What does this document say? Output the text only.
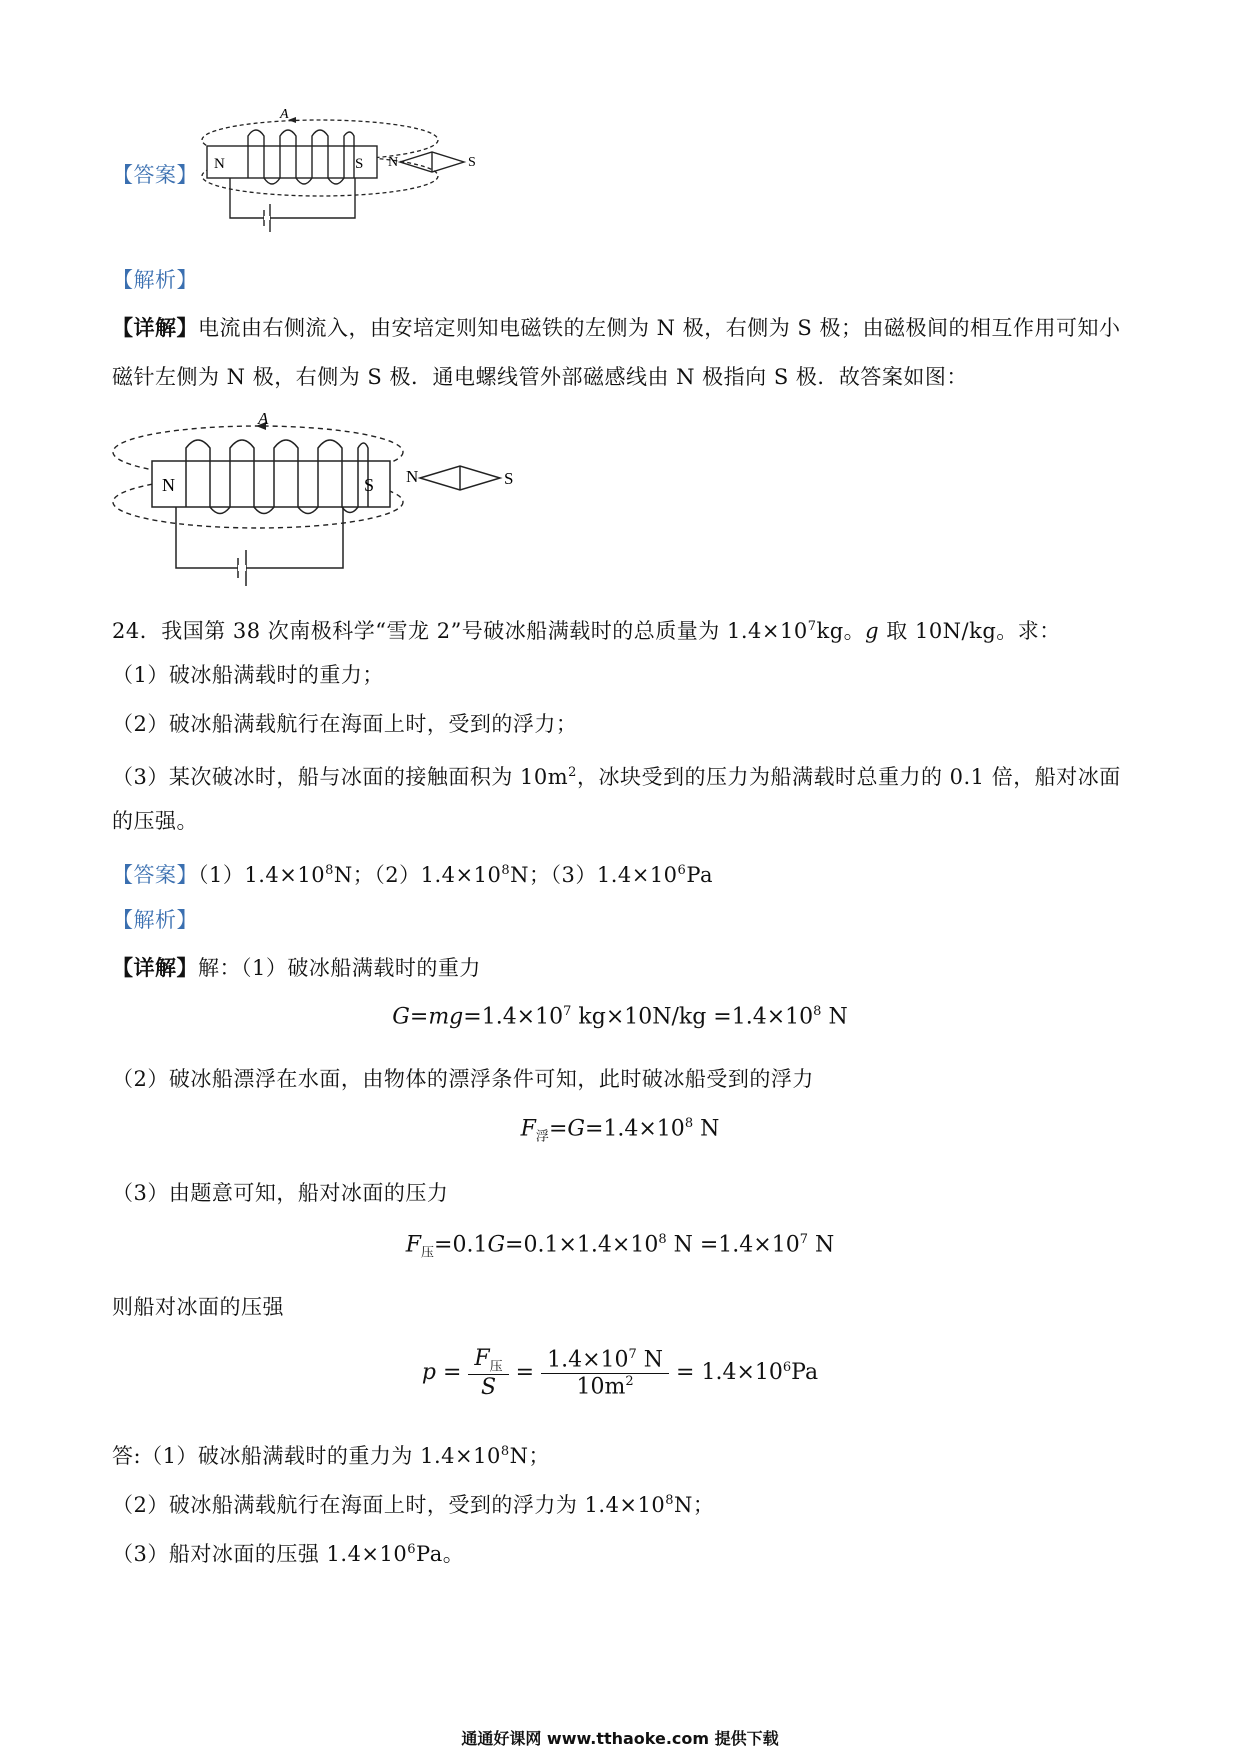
【答案】
A
N	S N	S
【解析】
【详解】电流由右侧流入，由安培定则知电磁铁的左侧为 N 极，右侧为 S 极；由磁极间的相互作用可知小
磁针左侧为 N 极，右侧为 S 极．通电螺线管外部磁感线由 N 极指向 S 极．故答案如图：
A
N	S N	S
24．我国第 38 次南极科学“雪龙 2”号破冰船满载时的总质量为 $1.4\times 10^7kg$。g 取 10N/kg。求：
（1）破冰船满载时的重力；
（2）破冰船满载航行在海面上时，受到的浮力；
（3）某次破冰时，船与冰面的接触面积为 $10m^2$，冰块受到的压力为船满载时总重力的 0.1 倍，船对冰面
的压强。
【答案】$(1)1.4\times 10^8N$；$(2)1.4\times 10^8N$；$(3)1.4\times 10^6Pa$
【解析】
【详解】解：（1）破冰船满载时的重力
$G=mg=1.4\times 10^7$ $kg\times 10N/kg =1.4\times 10^8$ N
（2）破冰船漂浮在水面，由物体的漂浮条件可知，此时破冰船受到的浮力
$F_浮=G=1.4\times 10^8$ N
（3）由题意可知，船对冰面的压力
$F_压=0.1G=0.1\times 1.4\times 10^8$ $N =1.4\times 10^7$ N
则船对冰面的压强
$p = \frac{F_压}{S} = \frac{1.4\times 10^7 N}{10m^2} = 1.4\times 10^6Pa$
答:（1）破冰船满载时的重力为 $1.4\times 10^8N$；
（2）破冰船满载航行在海面上时，受到的浮力为 $1.4\times 10^8N$；
（3）船对冰面的压强 $1.4\times 10^6Pa$。
通通好课网 www.tthaoke.com 提供下载
